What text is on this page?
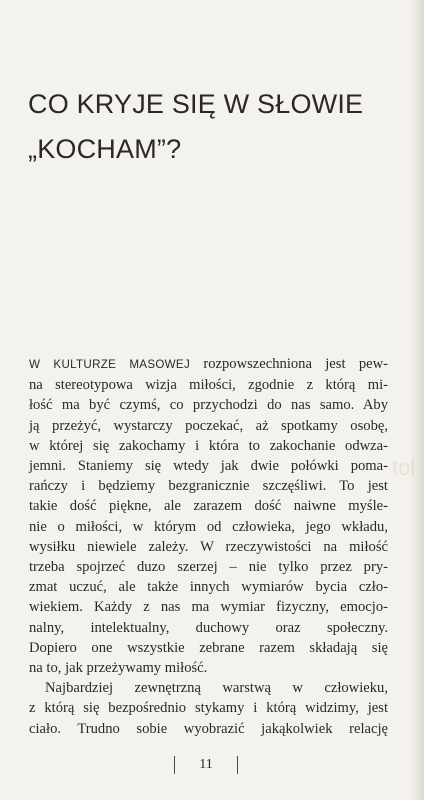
CO KRYJE SIĘ W SŁOWIE
„KOCHAM”?
tol
W KULTURZE MASOWEJ rozpowszechniona jest pew-
na stereotypowa wizja miłości, zgodnie z którą mi-
łość ma być czymś, co przychodzi do nas samo. Aby
ją przeżyć, wystarczy poczekać, aż spotkamy osobę,
w której się zakochamy i która to zakochanie odwza-
jemni. Staniemy się wtedy jak dwie połówki poma-
rańczy i będziemy bezgranicznie szczęśliwi. To jest
takie dość piękne, ale zarazem dość naiwne myśle-
nie o miłości, w którym od człowieka, jego wkładu,
wysiłku niewiele zależy. W rzeczywistości na miłość
trzeba spojrzeć duzo szerzej – nie tylko przez pry-
zmat uczuć, ale także innych wymiarów bycia czło-
wiekiem. Każdy z nas ma wymiar fizyczny, emocjo-
nalny, intelektualny, duchowy oraz społeczny.
Dopiero one wszystkie zebrane razem składają się
na to, jak przeżywamy miłość.
Najbardziej zewnętrzną warstwą w człowieku,
z którą się bezpośrednio stykamy i którą widzimy, jest
ciało. Trudno sobie wyobrazić jakąkolwiek relację
11
